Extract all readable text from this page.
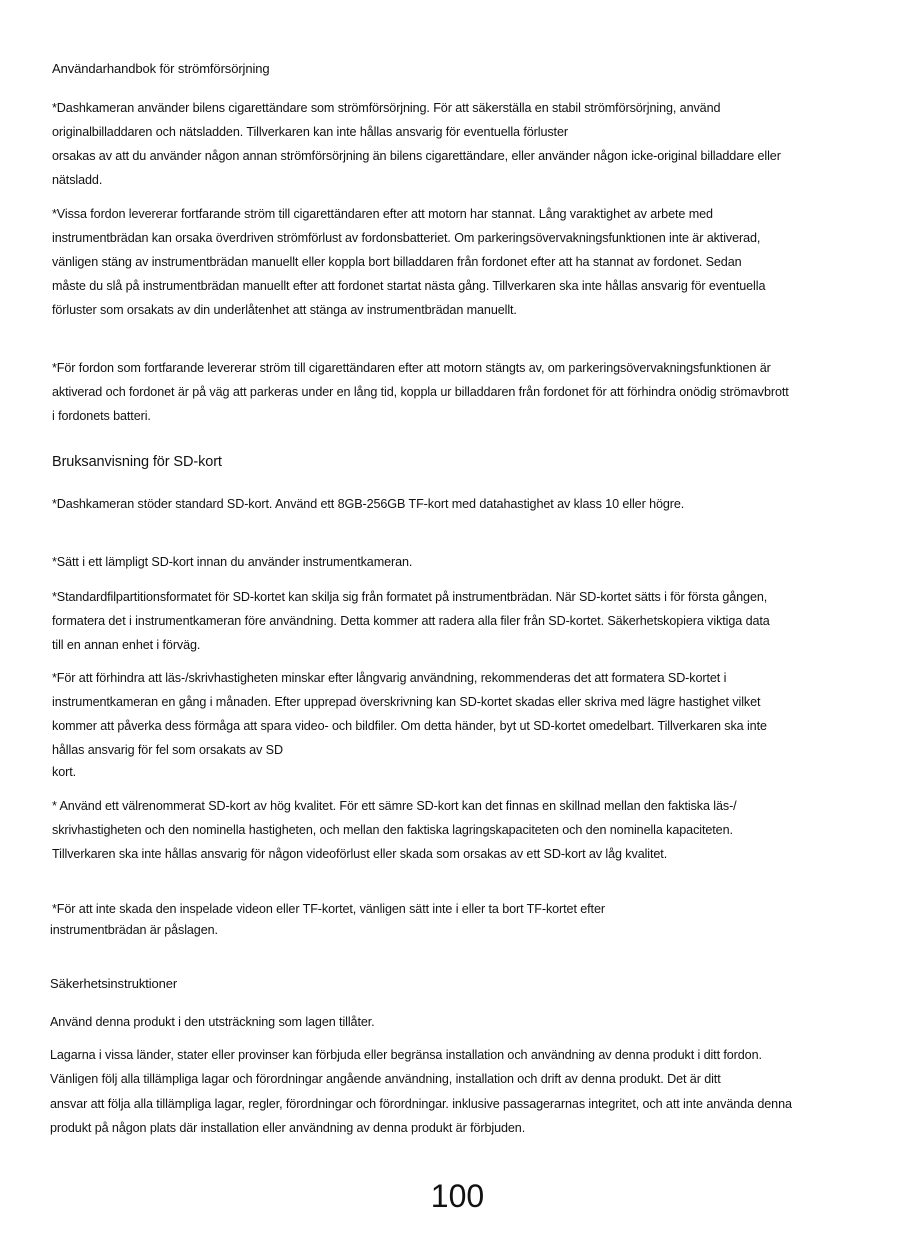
Användarhandbok för strömförsörjning
*Dashkameran använder bilens cigarettändare som strömförsörjning. För att säkerställa en stabil strömförsörjning, använd
originalbilladdaren och nätsladden. Tillverkaren kan inte hållas ansvarig för eventuella förluster
orsakas av att du använder någon annan strömförsörjning än bilens cigarettändare, eller använder någon icke-original billaddare eller
nätsladd.
*Vissa fordon levererar fortfarande ström till cigarettändaren efter att motorn har stannat. Lång varaktighet av arbete med
instrumentbrädan kan orsaka överdriven strömförlust av fordonsbatteriet. Om parkeringsövervakningsfunktionen inte är aktiverad,
vänligen stäng av instrumentbrädan manuellt eller koppla bort billaddaren från fordonet efter att ha stannat av fordonet. Sedan
måste du slå på instrumentbrädan manuellt efter att fordonet startat nästa gång. Tillverkaren ska inte hållas ansvarig för eventuella
förluster som orsakats av din underlåtenhet att stänga av instrumentbrädan manuellt.
*För fordon som fortfarande levererar ström till cigarettändaren efter att motorn stängts av, om parkeringsövervakningsfunktionen är
aktiverad och fordonet är på väg att parkeras under en lång tid, koppla ur billaddaren från fordonet för att förhindra onödig strömavbrott
i fordonets batteri.
Bruksanvisning för SD-kort
*Dashkameran stöder standard SD-kort. Använd ett 8GB-256GB TF-kort med datahastighet av klass 10 eller högre.
*Sätt i ett lämpligt SD-kort innan du använder instrumentkameran.
*Standardfilpartitionsformatet för SD-kortet kan skilja sig från formatet på instrumentbrädan. När SD-kortet sätts i för första gången,
formatera det i instrumentkameran före användning. Detta kommer att radera alla filer från SD-kortet. Säkerhetskopiera viktiga data
till en annan enhet i förväg.
*För att förhindra att läs-/skrivhastigheten minskar efter långvarig användning, rekommenderas det att formatera SD-kortet i
instrumentkameran en gång i månaden. Efter upprepad överskrivning kan SD-kortet skadas eller skriva med lägre hastighet vilket
kommer att påverka dess förmåga att spara video- och bildfiler. Om detta händer, byt ut SD-kortet omedelbart. Tillverkaren ska inte
hållas ansvarig för fel som orsakats av SD
kort.
* Använd ett välrenommerat SD-kort av hög kvalitet. För ett sämre SD-kort kan det finnas en skillnad mellan den faktiska läs-/
skrivhastigheten och den nominella hastigheten, och mellan den faktiska lagringskapaciteten och den nominella kapaciteten.
Tillverkaren ska inte hållas ansvarig för någon videoförlust eller skada som orsakas av ett SD-kort av låg kvalitet.
*För att inte skada den inspelade videon eller TF-kortet, vänligen sätt inte i eller ta bort TF-kortet efter
instrumentbrädan är påslagen.
Säkerhetsinstruktioner
Använd denna produkt i den utsträckning som lagen tillåter.
Lagarna i vissa länder, stater eller provinser kan förbjuda eller begränsa installation och användning av denna produkt i ditt fordon.
Vänligen följ alla tillämpliga lagar och förordningar angående användning, installation och drift av denna produkt. Det är ditt
ansvar att följa alla tillämpliga lagar, regler, förordningar och förordningar. inklusive passagerarnas integritet, och att inte använda denna
produkt på någon plats där installation eller användning av denna produkt är förbjuden.
100
